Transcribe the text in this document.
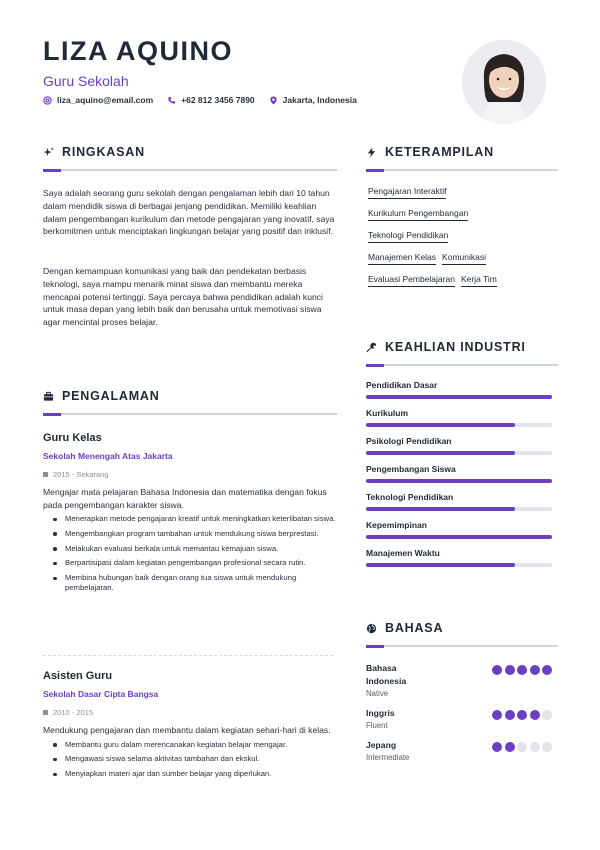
LIZA AQUINO
Guru Sekolah
liza_aquino@email.com	+62 812 3456 7890	Jakarta, Indonesia
RINGKASAN
Saya adalah seorang guru sekolah dengan pengalaman lebih dari 10 tahun dalam mendidik siswa di berbagai jenjang pendidikan. Memiliki keahlian dalam pengembangan kurikulum dan metode pengajaran yang inovatif, saya berkomitmen untuk menciptakan lingkungan belajar yang positif dan inklusif.
Dengan kemampuan komunikasi yang baik dan pendekatan berbasis teknologi, saya mampu menarik minat siswa dan membantu mereka mencapai potensi tertinggi. Saya percaya bahwa pendidikan adalah kunci untuk masa depan yang lebih baik dan berusaha untuk memotivasi siswa agar mencintai proses belajar.
PENGALAMAN
Guru Kelas
Sekolah Menengah Atas Jakarta
2015 - Sekarang
Mengajar mata pelajaran Bahasa Indonesia dan matematika dengan fokus pada pengembangan karakter siswa.
Menerapkan metode pengajaran kreatif untuk meningkatkan keterlibatan siswa.
Mengembangkan program tambahan untuk mendukung siswa berprestasi.
Melakukan evaluasi berkala untuk memantau kemajuan siswa.
Berpartisipasi dalam kegiatan pengembangan profesional secara rutin.
Membina hubungan baik dengan orang tua siswa untuk mendukung pembelajaran.
Asisten Guru
Sekolah Dasar Cipta Bangsa
2010 - 2015
Mendukung pengajaran dan membantu dalam kegiatan sehari-hari di kelas.
Membantu guru dalam merencanakan kegiatan belajar mengajar.
Mengawasi siswa selama aktivitas tambahan dan ekskul.
Menyiapkan materi ajar dan sumber belajar yang diperlukan.
KETERAMPILAN
Pengajaran Interaktif
Kurikulum Pengembangan
Teknologi Pendidikan
Manajemen Kelas Komunikasi
Evaluasi Pembelajaran Kerja Tim
KEAHLIAN INDUSTRI
Pendidikan Dasar
Kurikulum
Psikologi Pendidikan
Pengembangan Siswa
Teknologi Pendidikan
Kepemimpinan
Manajemen Waktu
BAHASA
Bahasa Indonesia
Native
Inggris
Fluent
Jepang
Intermediate
